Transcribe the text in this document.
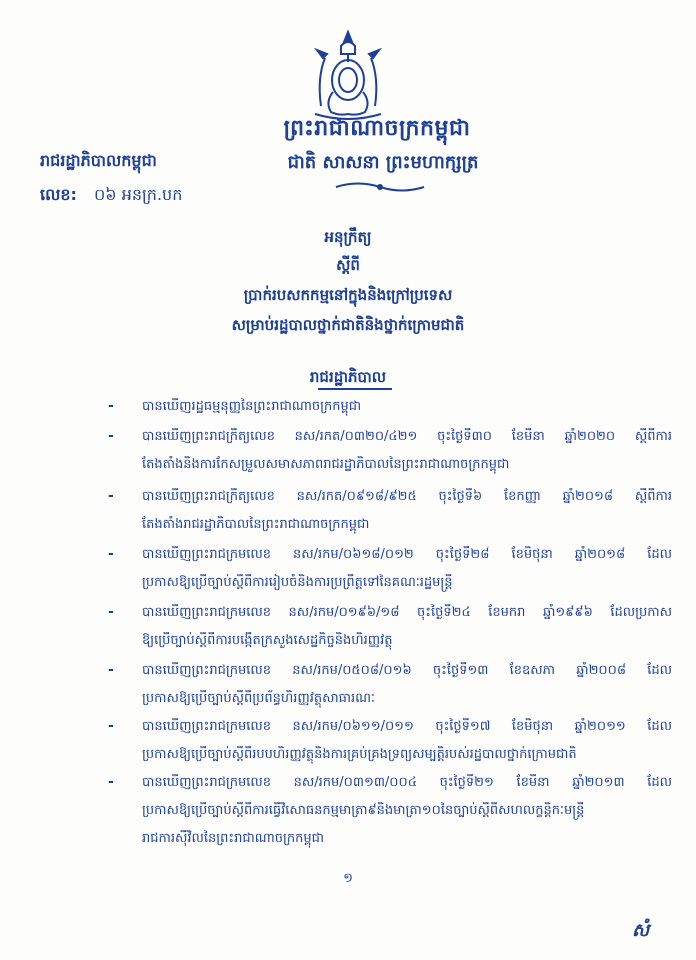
ព្រះរាជាណាចក្រកម្ពុជា
ជាតិ សាសនា ព្រះមហាក្សត្រ
រាជរដ្ឋាភិបាលកម្ពុជា
លេខ: ០៦ អនក្រ.បក
អនុក្រឹត្យ
ស្តីពី
ប្រាក់របសកកម្មនៅក្នុងនិងក្រៅប្រទេស
សម្រាប់រដ្ឋបាលថ្នាក់ជាតិនិងថ្នាក់ក្រោមជាតិ
រាជរដ្ឋាភិបាល
- បានឃើញរដ្ឋធម្មនុញ្ញនៃព្រះរាជាណាចក្រកម្ពុជា
- បានឃើញព្រះរាជក្រឹត្យលេខ នស/រកត/០៣២០/៤២១ ចុះថ្ងៃទី៣០ ខែមីនា ឆ្នាំ២០២០ ស្តីពីការ
តែងតាំងនិងការកែសម្រួលសមាសភាពរាជរដ្ឋាភិបាលនៃព្រះរាជាណាចក្រកម្ពុជា
- បានឃើញព្រះរាជក្រឹត្យលេខ នស/រកត/០៩១៨/៩២៥ ចុះថ្ងៃទី៦ ខែកញ្ញា ឆ្នាំ២០១៨ ស្តីពីការ
តែងតាំងរាជរដ្ឋាភិបាលនៃព្រះរាជាណាចក្រកម្ពុជា
- បានឃើញព្រះរាជក្រមលេខ នស/រកម/០៦១៨/០១២ ចុះថ្ងៃទី២៨ ខែមិថុនា ឆ្នាំ២០១៨ ដែល
ប្រកាសឱ្យប្រើច្បាប់ស្តីពីការរៀបចំនិងការប្រព្រឹត្តទៅនៃគណៈរដ្ឋមន្ត្រី
- បានឃើញព្រះរាជក្រមលេខ នស/រកម/០១៩៦/១៨ ចុះថ្ងៃទី២៤ ខែមករា ឆ្នាំ១៩៩៦ ដែលប្រកាស
ឱ្យប្រើច្បាប់ស្តីពីការបង្កើតក្រសួងសេដ្ឋកិច្ចនិងហិរញ្ញវត្ថុ
- បានឃើញព្រះរាជក្រមលេខ នស/រកម/០៥០៨/០១៦ ចុះថ្ងៃទី១៣ ខែឧសភា ឆ្នាំ២០០៨ ដែល
ប្រកាសឱ្យប្រើច្បាប់ស្តីពីប្រព័ន្ធហិរញ្ញវត្ថុសាធារណៈ
- បានឃើញព្រះរាជក្រមលេខ នស/រកម/០៦១១/០១១ ចុះថ្ងៃទី១៧ ខែមិថុនា ឆ្នាំ២០១១ ដែល
ប្រកាសឱ្យប្រើច្បាប់ស្តីពីរបបហិរញ្ញវត្ថុនិងការគ្រប់គ្រងទ្រព្យសម្បត្តិរបស់រដ្ឋបាលថ្នាក់ក្រោមជាតិ
- បានឃើញព្រះរាជក្រមលេខ នស/រកម/០៣១៣/០០៤ ចុះថ្ងៃទី២១ ខែមីនា ឆ្នាំ២០១៣ ដែល
ប្រកាសឱ្យប្រើច្បាប់ស្តីពីការធ្វើវិសោធនកម្មមាត្រា៩និងមាត្រា១០នៃច្បាប់ស្តីពីសហលក្ខន្តិកៈមន្ត្រី
រាជការស៊ីវិលនៃព្រះរាជាណាចក្រកម្ពុជា
១
សំ
